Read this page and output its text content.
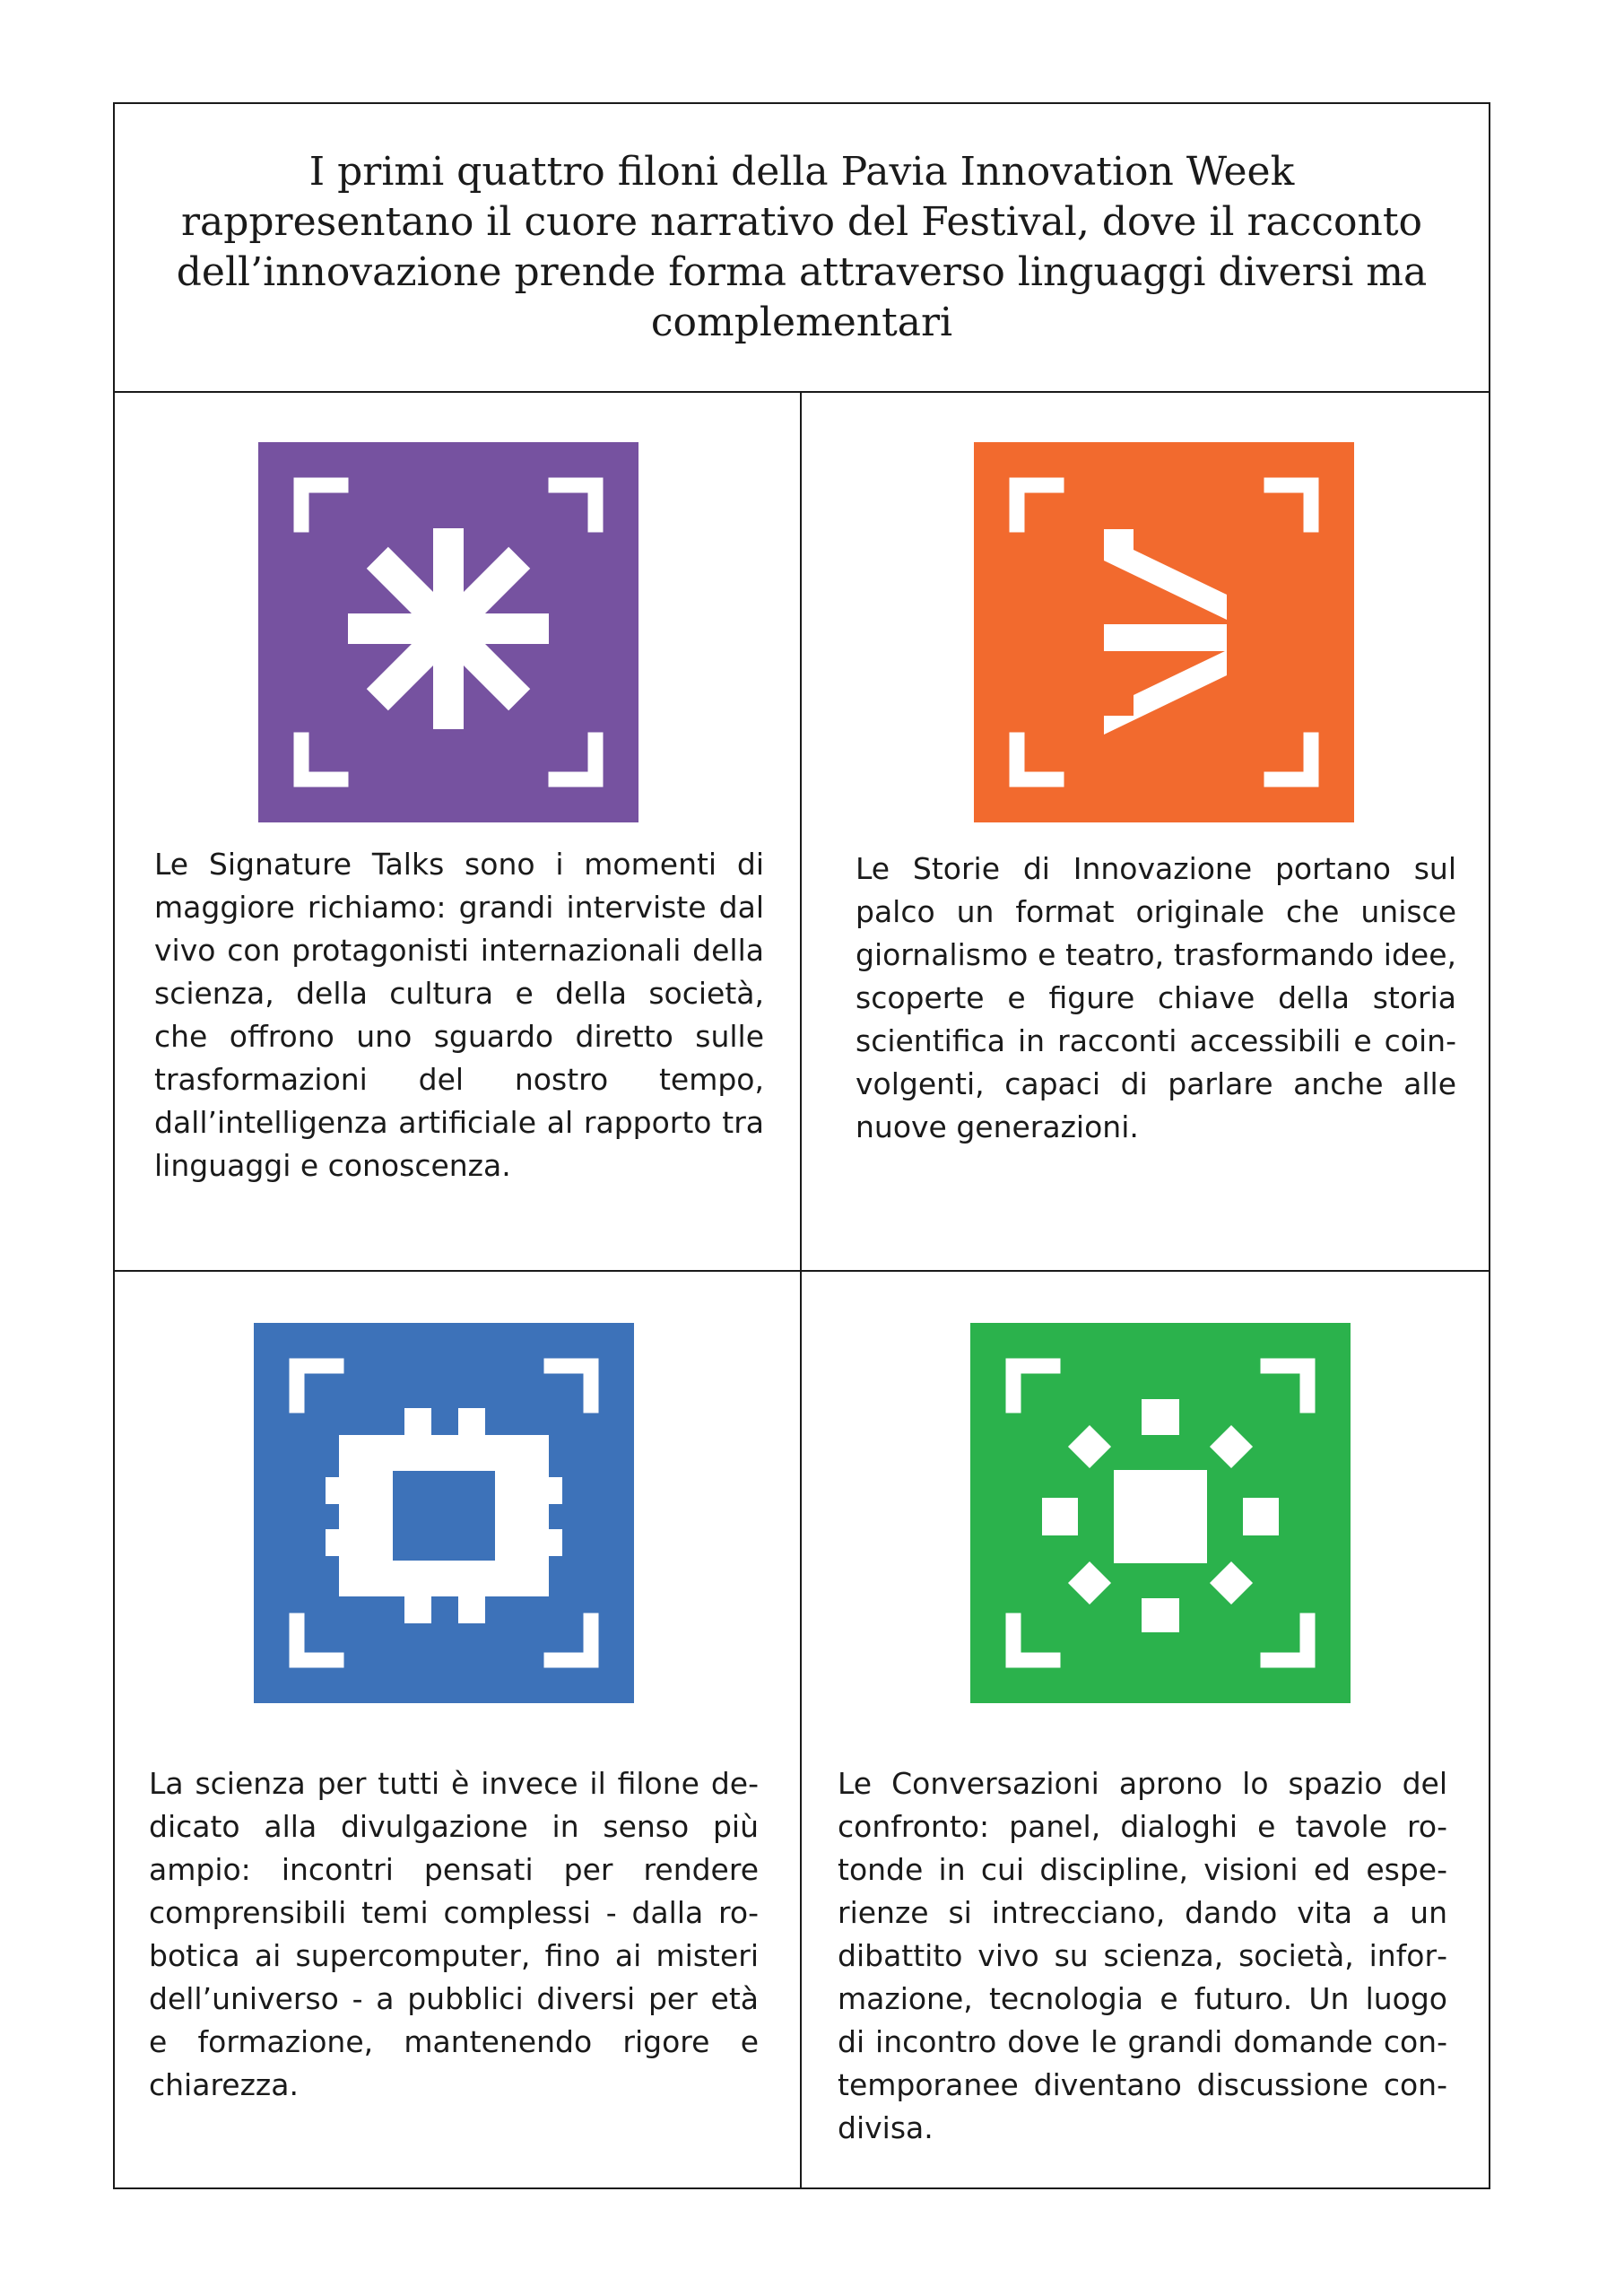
I primi quattro filoni della Pavia Innovation Week rappresentano il cuore narrativo del Festival, dove il racconto dell’innovazione prende forma attraverso linguaggi diversi ma complementari

Le Signature Talks sono i momenti di maggiore richiamo: grandi interviste dal vivo con protagonisti internazionali della scienza, della cultura e della società, che offrono uno sguardo diretto sulle trasformazioni del nostro tempo, dall’intelligenza artificiale al rapporto tra linguaggi e conoscenza.

Le Storie di Innovazione portano sul palco un format originale che unisce giornalismo e teatro, trasformando idee, scoperte e figure chiave della storia scientifica in racconti accessibili e coinvolgenti, capaci di parlare anche alle nuove generazioni.

La scienza per tutti è invece il filone dedicato alla divulgazione in senso più ampio: incontri pensati per rendere comprensibili temi complessi - dalla robotica ai supercomputer, fino ai misteri dell’universo - a pubblici diversi per età e formazione, mantenendo rigore e chiarezza.

Le Conversazioni aprono lo spazio del confronto: panel, dialoghi e tavole rotonde in cui discipline, visioni ed esperienze si intrecciano, dando vita a un dibattito vivo su scienza, società, informazione, tecnologia e futuro. Un luogo di incontro dove le grandi domande contemporanee diventano discussione condivisa.
